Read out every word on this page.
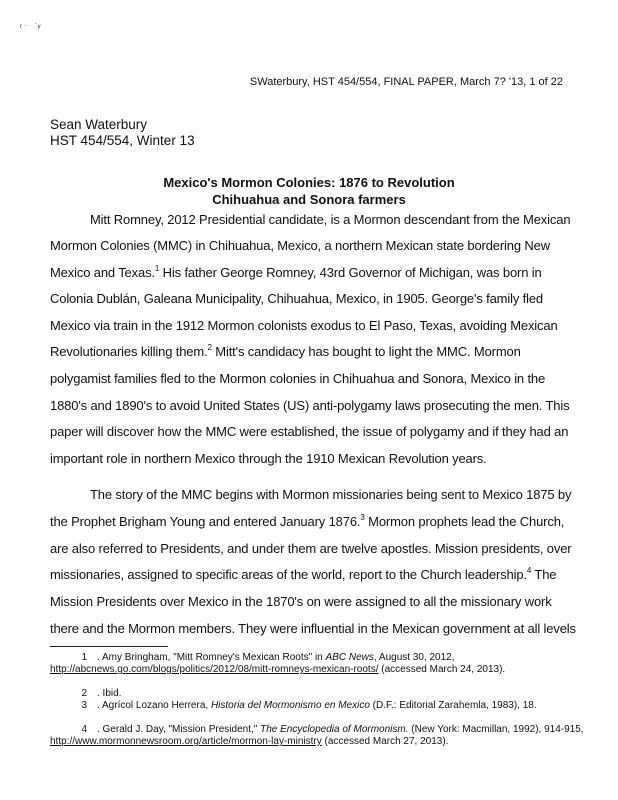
ʳ ˑ   ˙ʸ
SWaterbury, HST 454/554, FINAL PAPER, March 7? '13, 1 of 22
Sean Waterbury
HST 454/554, Winter 13
Mexico's Mormon Colonies: 1876 to Revolution
Chihuahua and Sonora farmers
Mitt Romney, 2012 Presidential candidate, is a Mormon descendant from the Mexican
Mormon Colonies (MMC) in Chihuahua, Mexico, a northern Mexican state bordering New
Mexico and Texas.$^1$ His father George Romney, 43rd Governor of Michigan, was born in
Colonia Dublán, Galeana Municipality, Chihuahua, Mexico, in 1905. George's family fled
Mexico via train in the 1912 Mormon colonists exodus to El Paso, Texas, avoiding Mexican
Revolutionaries killing them.$^2$ Mitt's candidacy has bought to light the MMC. Mormon
polygamist families fled to the Mormon colonies in Chihuahua and Sonora, Mexico in the
1880's and 1890's to avoid United States (US) anti-polygamy laws prosecuting the men. This
paper will discover how the MMC were established, the issue of polygamy and if they had an
important role in northern Mexico through the 1910 Mexican Revolution years.
The story of the MMC begins with Mormon missionaries being sent to Mexico 1875 by
the Prophet Brigham Young and entered January 1876.$^3$ Mormon prophets lead the Church,
are also referred to Presidents, and under them are twelve apostles. Mission presidents, over
missionaries, assigned to specific areas of the world, report to the Church leadership.$^4$ The
Mission Presidents over Mexico in the 1870's on were assigned to all the missionary work
there and the Mormon members. They were influential in the Mexican government at all levels
1 . Amy Bringham, "Mitt Romney's Mexican Roots" in ABC News, August 30, 2012,
http://abcnews.go.com/blogs/politics/2012/08/mitt-romneys-mexican-roots/ (accessed March 24, 2013).
2 . Ibid.
3 . Agrícol Lozano Herrera, Historia del Mormonismo en Mexico (D.F.: Editorial Zarahemla, 1983), 18.
4 . Gerald J. Day, "Mission President," The Encyclopedia of Mormonism. (New York: Macmillan, 1992), 914-915,
http://www.mormonnewsroom.org/article/mormon-lay-ministry (accessed March 27, 2013).
